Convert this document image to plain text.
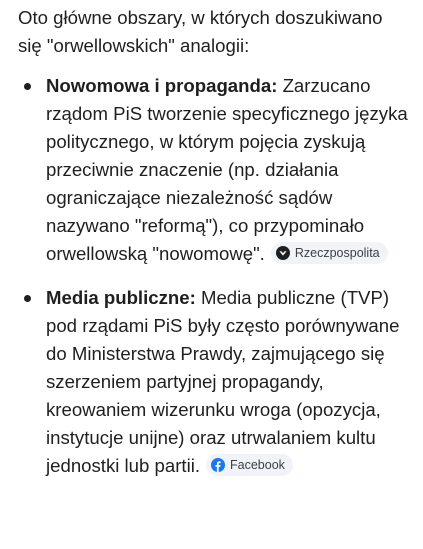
Oto główne obszary, w których doszukiwano się "orwellowskich" analogii:

Nowomowa i propaganda: Zarzucano rządom PiS tworzenie specyficznego języka politycznego, w którym pojęcia zyskują przeciwnie znaczenie (np. działania ograniczające niezależność sądów nazywano "reformą"), co przypominało orwellowską "nowomowę". Rzeczpospolita
Media publiczne: Media publiczne (TVP) pod rządami PiS były często porównywane do Ministerstwa Prawdy, zajmującego się szerzeniem partyjnej propagandy, kreowaniem wizerunku wroga (opozycja, instytucje unijne) oraz utrwalaniem kultu jednostki lub partii. Facebook
